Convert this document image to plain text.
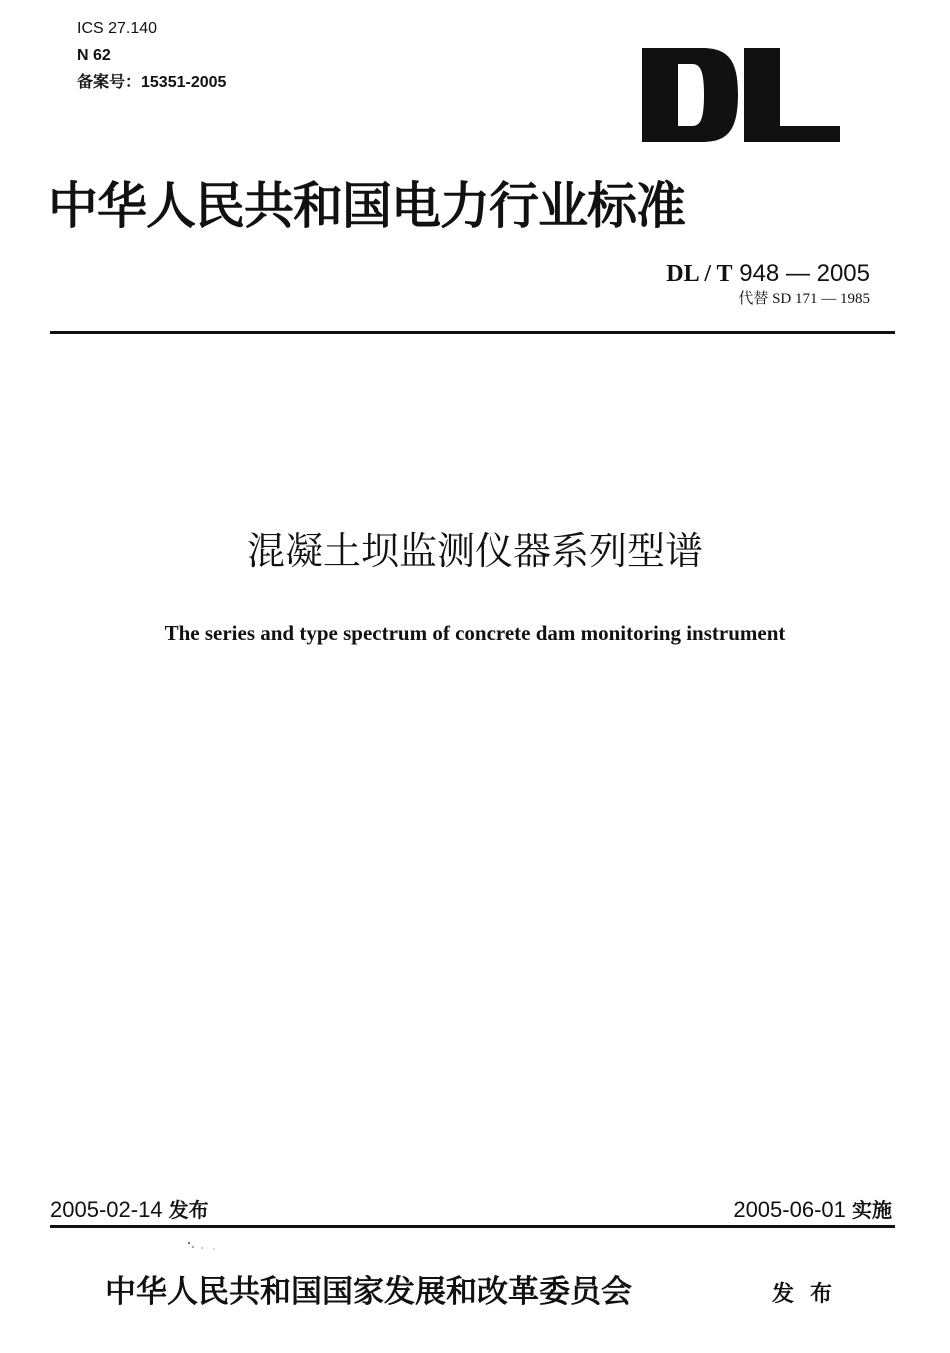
ICS 27.140
N 62
备案号：15351-2005
中华人民共和国电力行业标准
DL / T 948 — 2005
代替 SD 171 — 1985
混凝土坝监测仪器系列型谱
The series and type spectrum of concrete dam monitoring instrument
2005-02-14 发布	2005-06-01 实施
中华人民共和国国家发展和改革委员会	发布
